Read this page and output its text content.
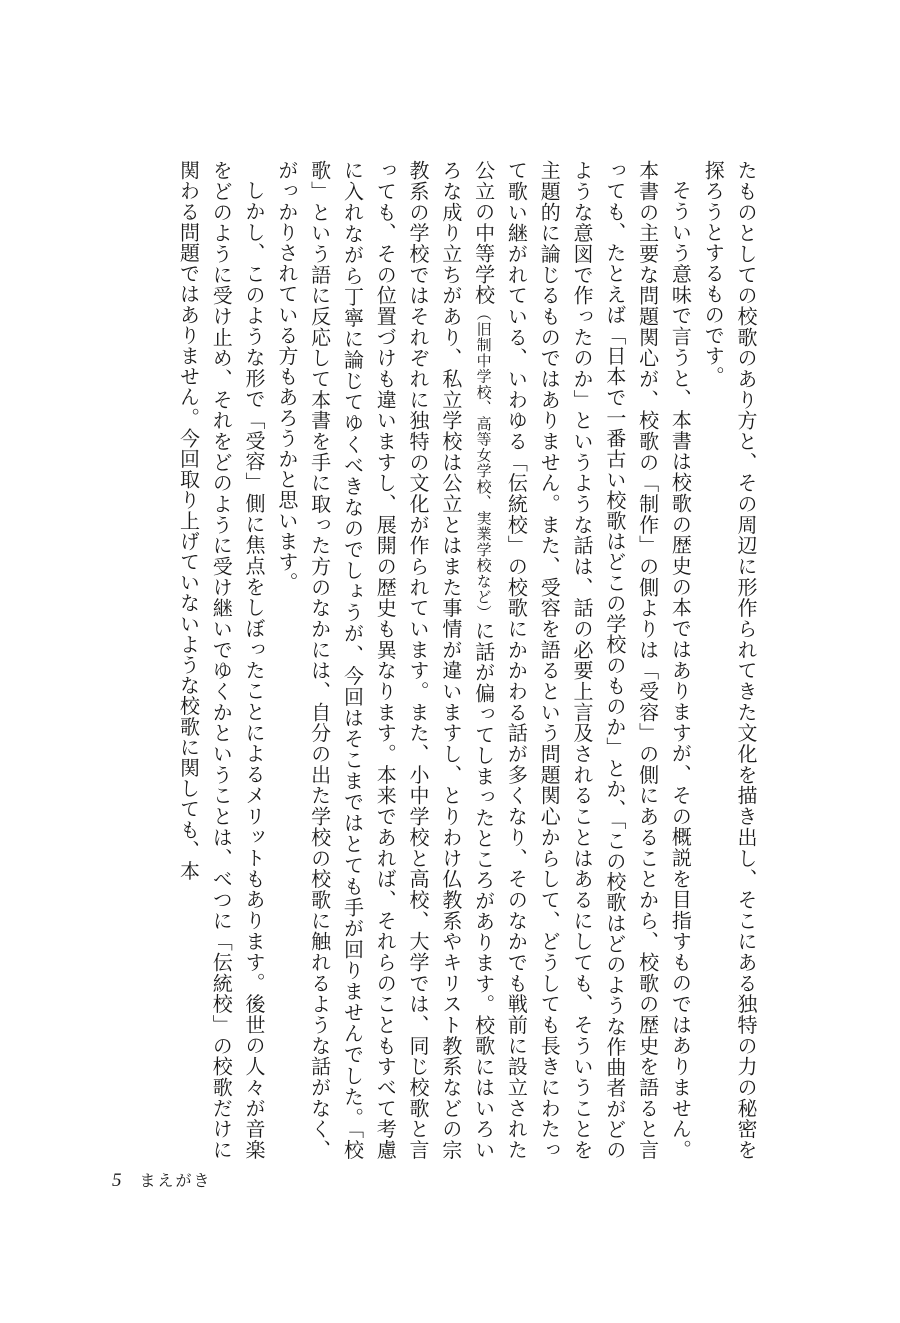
たものとしての校歌のあり方と、その周辺に形作られてきた文化を描き出し、そこにある独特の力の秘密を探ろうとするものです。

そういう意味で言うと、本書は校歌の歴史の本ではありますが、その概説を目指すものではありません。本書の主要な問題関心が、校歌の「制作」の側よりは「受容」の側にあることから、校歌の歴史を語ると言っても、たとえば「日本で一番古い校歌はどこの学校のものか」とか、「この校歌はどのような作曲者がどのような意図で作ったのか」というような話は、話の必要上言及されることはあるにしても、そういうことを主題的に論じるものではありません。また、受容を語るという問題関心からして、どうしても長きにわたって歌い継がれている、いわゆる「伝統校」の校歌にかかわる話が多くなり、そのなかでも戦前に設立された公立の中等学校（旧制中学校、高等女学校、実業学校など）に話が偏ってしまったところがあります。校歌にはいろいろな成り立ちがあり、私立学校は公立とはまた事情が違いますし、とりわけ仏教系やキリスト教系などの宗教系の学校ではそれぞれに独特の文化が作られています。また、小中学校と高校、大学では、同じ校歌と言っても、その位置づけも違いますし、展開の歴史も異なります。本来であれば、それらのこともすべて考慮に入れながら丁寧に論じてゆくべきなのでしょうが、今回はそこまではとても手が回りませんでした。「校歌」という語に反応して本書を手に取った方のなかには、自分の出た学校の校歌に触れるような話がなく、がっかりされている方もあろうかと思います。

しかし、このような形で「受容」側に焦点をしぼったことによるメリットもあります。後世の人々が音楽をどのように受け止め、それをどのように受け継いでゆくかということは、べつに「伝統校」の校歌だけに関わる問題ではありません。今回取り上げていないような校歌に関しても、本

5 まえがき
